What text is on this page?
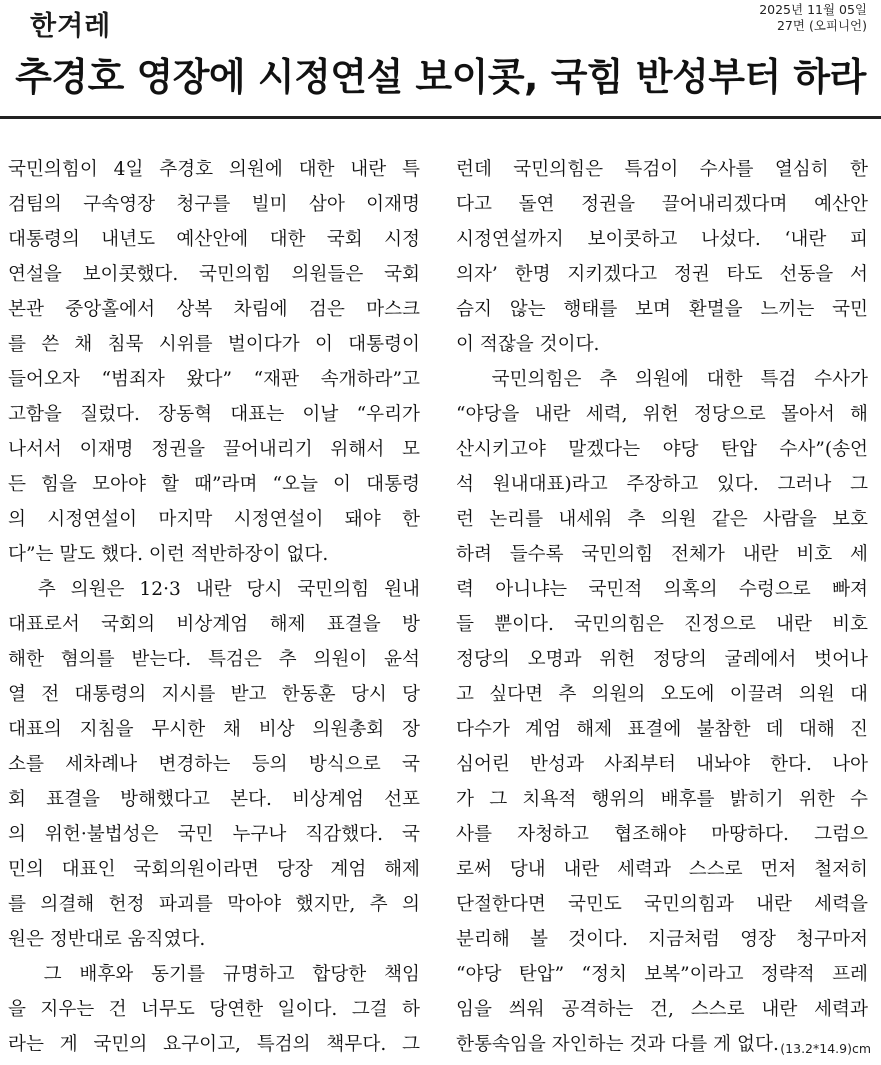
한겨레
2025년 11월 05일
27면 (오피니언)
추경호 영장에 시정연설 보이콧, 국힘 반성부터 하라
국민의힘이 4일 추경호 의원에 대한 내란 특
검팀의 구속영장 청구를 빌미 삼아 이재명
대통령의 내년도 예산안에 대한 국회 시정
연설을 보이콧했다. 국민의힘 의원들은 국회
본관 중앙홀에서 상복 차림에 검은 마스크
를 쓴 채 침묵 시위를 벌이다가 이 대통령이
들어오자 “범죄자 왔다” “재판 속개하라”고
고함을 질렀다. 장동혁 대표는 이날 “우리가
나서서 이재명 정권을 끌어내리기 위해서 모
든 힘을 모아야 할 때”라며 “오늘 이 대통령
의 시정연설이 마지막 시정연설이 돼야 한
다”는 말도 했다. 이런 적반하장이 없다.
추 의원은 12·3 내란 당시 국민의힘 원내
대표로서 국회의 비상계엄 해제 표결을 방
해한 혐의를 받는다. 특검은 추 의원이 윤석
열 전 대통령의 지시를 받고 한동훈 당시 당
대표의 지침을 무시한 채 비상 의원총회 장
소를 세차례나 변경하는 등의 방식으로 국
회 표결을 방해했다고 본다. 비상계엄 선포
의 위헌·불법성은 국민 누구나 직감했다. 국
민의 대표인 국회의원이라면 당장 계엄 해제
를 의결해 헌정 파괴를 막아야 했지만, 추 의
원은 정반대로 움직였다.
그 배후와 동기를 규명하고 합당한 책임
을 지우는 건 너무도 당연한 일이다. 그걸 하
라는 게 국민의 요구이고, 특검의 책무다. 그
런데 국민의힘은 특검이 수사를 열심히 한
다고 돌연 정권을 끌어내리겠다며 예산안
시정연설까지 보이콧하고 나섰다. ‘내란 피
의자’ 한명 지키겠다고 정권 타도 선동을 서
슴지 않는 행태를 보며 환멸을 느끼는 국민
이 적잖을 것이다.
국민의힘은 추 의원에 대한 특검 수사가
“야당을 내란 세력, 위헌 정당으로 몰아서 해
산시키고야 말겠다는 야당 탄압 수사”(송언
석 원내대표)라고 주장하고 있다. 그러나 그
런 논리를 내세워 추 의원 같은 사람을 보호
하려 들수록 국민의힘 전체가 내란 비호 세
력 아니냐는 국민적 의혹의 수렁으로 빠져
들 뿐이다. 국민의힘은 진정으로 내란 비호
정당의 오명과 위헌 정당의 굴레에서 벗어나
고 싶다면 추 의원의 오도에 이끌려 의원 대
다수가 계엄 해제 표결에 불참한 데 대해 진
심어린 반성과 사죄부터 내놔야 한다. 나아
가 그 치욕적 행위의 배후를 밝히기 위한 수
사를 자청하고 협조해야 마땅하다. 그럼으
로써 당내 내란 세력과 스스로 먼저 철저히
단절한다면 국민도 국민의힘과 내란 세력을
분리해 볼 것이다. 지금처럼 영장 청구마저
“야당 탄압” “정치 보복”이라고 정략적 프레
임을 씌워 공격하는 건, 스스로 내란 세력과
한통속임을 자인하는 것과 다를 게 없다. (13.2*14.9)cm
